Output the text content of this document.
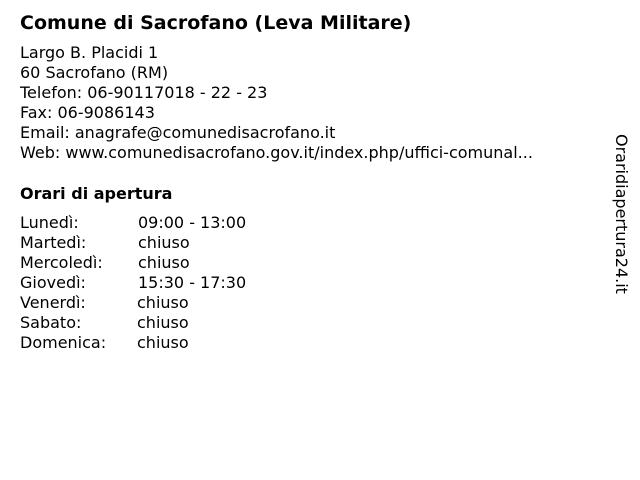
Comune di Sacrofano (Leva Militare)
Largo B. Placidi 1
60 Sacrofano (RM)
Telefon: 06-90117018 - 22 - 23
Fax: 06-9086143
Email: anagrafe@comunedisacrofano.it
Web: www.comunedisacrofano.gov.it/index.php/uffici-comunal...
Orari di apertura
Lunedì:	09:00 - 13:00
Martedì:	chiuso
Mercoledì: chiuso
Giovedì:	15:30 - 17:30
Venerdì:	chiuso
Sabato:	chiuso
Domenica: chiuso
Oraridiapertura24.it
